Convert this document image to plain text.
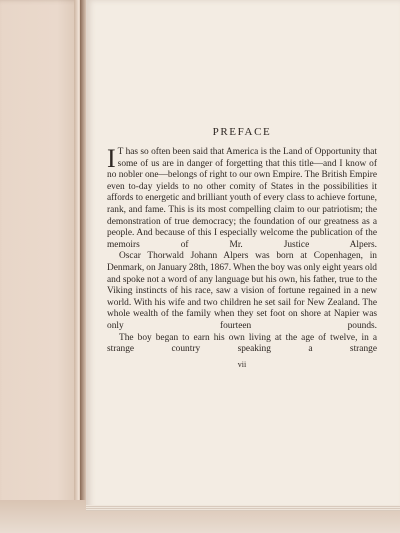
PREFACE

I T has so often been said that America is the Land of Opportunity that some of us are in danger of forgetting that this title—and I know of no nobler one—belongs of right to our own Empire. The British Empire even to-day yields to no other comity of States in the possibilities it affords to energetic and brilliant youth of every class to achieve fortune, rank, and fame. This is its most compelling claim to our patriotism; the demonstration of true democracy; the foundation of our greatness as a people. And because of this I especially welcome the publication of the memoirs of Mr. Justice Alpers.

Oscar Thorwald Johann Alpers was born at Copenhagen, in Denmark, on January 28th, 1867. When the boy was only eight years old and spoke not a word of any language but his own, his father, true to the Viking instincts of his race, saw a vision of fortune regained in a new world. With his wife and two children he set sail for New Zealand. The whole wealth of the family when they set foot on shore at Napier was only fourteen pounds.

The boy began to earn his own living at the age of twelve, in a strange country speaking a strange

vii
